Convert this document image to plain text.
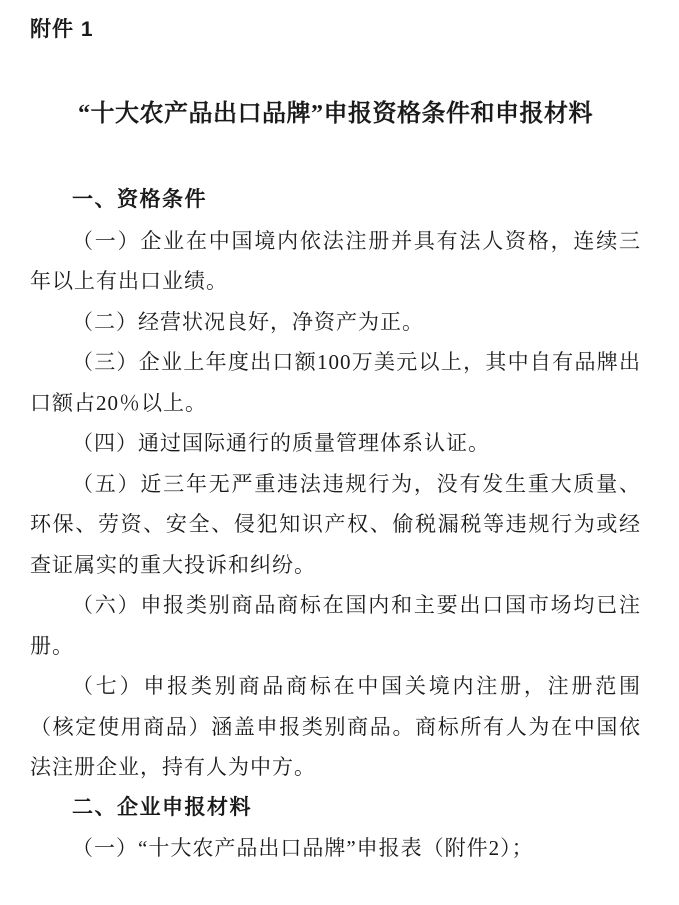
附件 1
“十大农产品出口品牌”申报资格条件和申报材料
一、资格条件

（一）企业在中国境内依法注册并具有法人资格，连续三年以上有出口业绩。

（二）经营状况良好，净资产为正。

（三）企业上年度出口额100万美元以上，其中自有品牌出口额占20％以上。

（四）通过国际通行的质量管理体系认证。

（五）近三年无严重违法违规行为，没有发生重大质量、环保、劳资、安全、侵犯知识产权、偷税漏税等违规行为或经查证属实的重大投诉和纠纷。

（六）申报类别商品商标在国内和主要出口国市场均已注册。

（七）申报类别商品商标在中国关境内注册，注册范围（核定使用商品）涵盖申报类别商品。商标所有人为在中国依法注册企业，持有人为中方。

二、企业申报材料

（一）“十大农产品出口品牌”申报表（附件2）；
